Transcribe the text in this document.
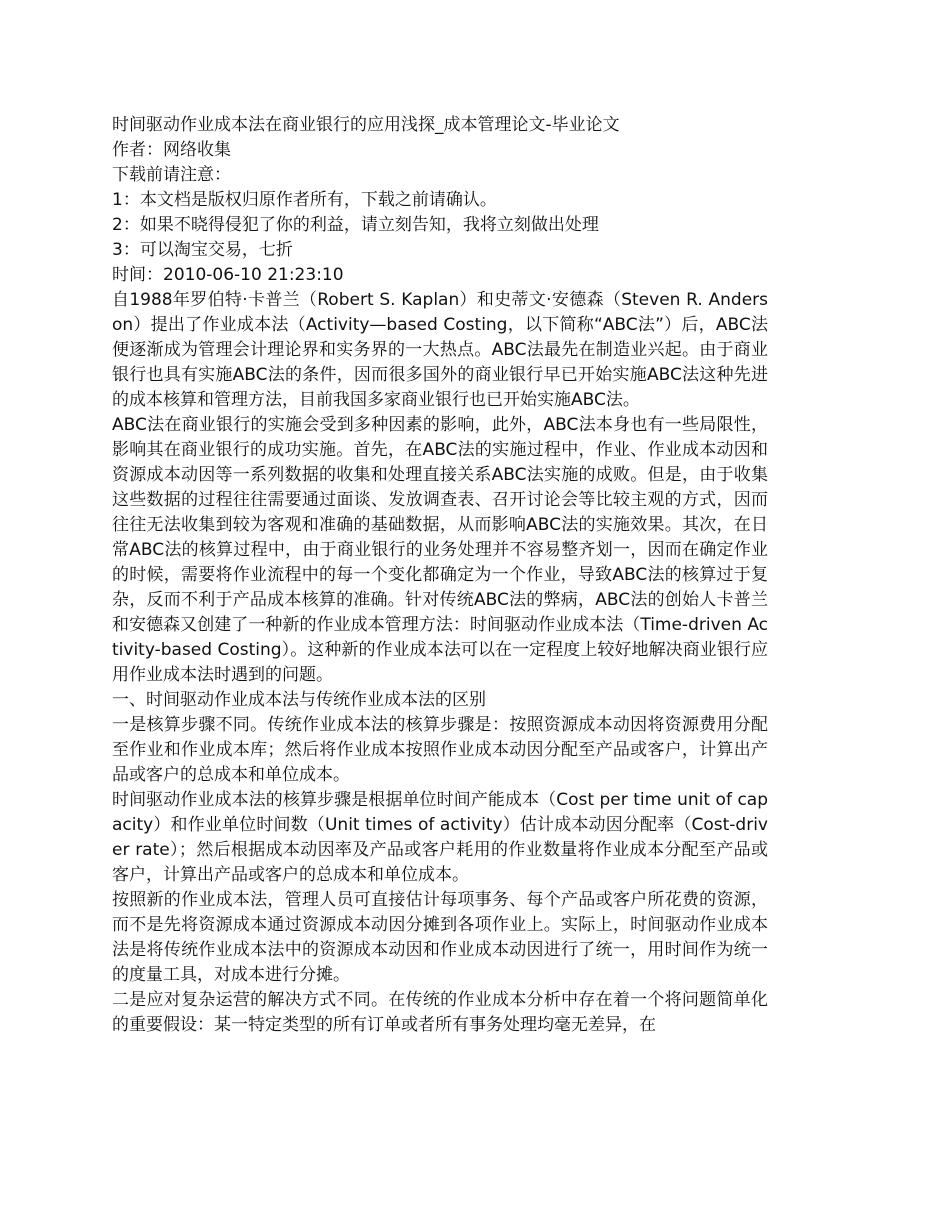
时间驱动作业成本法在商业银行的应用浅探_成本管理论文-毕业论文

作者：网络收集

下载前请注意：

1：本文档是版权归原作者所有，下载之前请确认。

2：如果不晓得侵犯了你的利益，请立刻告知，我将立刻做出处理

3：可以淘宝交易，七折

时间：2010-06-10 21:23:10

自1988年罗伯特·卡普兰（Robert S. Kaplan）和史蒂文·安德森（Steven R. Anderson）提出了作业成本法（Activity—based Costing，以下简称“ABC法”）后，ABC法便逐渐成为管理会计理论界和实务界的一大热点。ABC法最先在制造业兴起。由于商业银行也具有实施ABC法的条件，因而很多国外的商业银行早已开始实施ABC法这种先进的成本核算和管理方法，目前我国多家商业银行也已开始实施ABC法。

ABC法在商业银行的实施会受到多种因素的影响，此外，ABC法本身也有一些局限性，影响其在商业银行的成功实施。首先，在ABC法的实施过程中，作业、作业成本动因和资源成本动因等一系列数据的收集和处理直接关系ABC法实施的成败。但是，由于收集这些数据的过程往往需要通过面谈、发放调查表、召开讨论会等比较主观的方式，因而往往无法收集到较为客观和准确的基础数据，从而影响ABC法的实施效果。其次，在日常ABC法的核算过程中，由于商业银行的业务处理并不容易整齐划一，因而在确定作业的时候，需要将作业流程中的每一个变化都确定为一个作业，导致ABC法的核算过于复杂，反而不利于产品成本核算的准确。针对传统ABC法的弊病，ABC法的创始人卡普兰和安德森又创建了一种新的作业成本管理方法：时间驱动作业成本法（Time-driven Activity-based Costing）。这种新的作业成本法可以在一定程度上较好地解决商业银行应用作业成本法时遇到的问题。

一、时间驱动作业成本法与传统作业成本法的区别

一是核算步骤不同。传统作业成本法的核算步骤是：按照资源成本动因将资源费用分配至作业和作业成本库；然后将作业成本按照作业成本动因分配至产品或客户，计算出产品或客户的总成本和单位成本。

时间驱动作业成本法的核算步骤是根据单位时间产能成本（Cost per time unit of capacity）和作业单位时间数（Unit times of activity）估计成本动因分配率（Cost-driver rate）；然后根据成本动因率及产品或客户耗用的作业数量将作业成本分配至产品或客户，计算出产品或客户的总成本和单位成本。

按照新的作业成本法，管理人员可直接估计每项事务、每个产品或客户所花费的资源，而不是先将资源成本通过资源成本动因分摊到各项作业上。实际上，时间驱动作业成本法是将传统作业成本法中的资源成本动因和作业成本动因进行了统一，用时间作为统一的度量工具，对成本进行分摊。

二是应对复杂运营的解决方式不同。在传统的作业成本分析中存在着一个将问题简单化的重要假设：某一特定类型的所有订单或者所有事务处理均毫无差异，在
